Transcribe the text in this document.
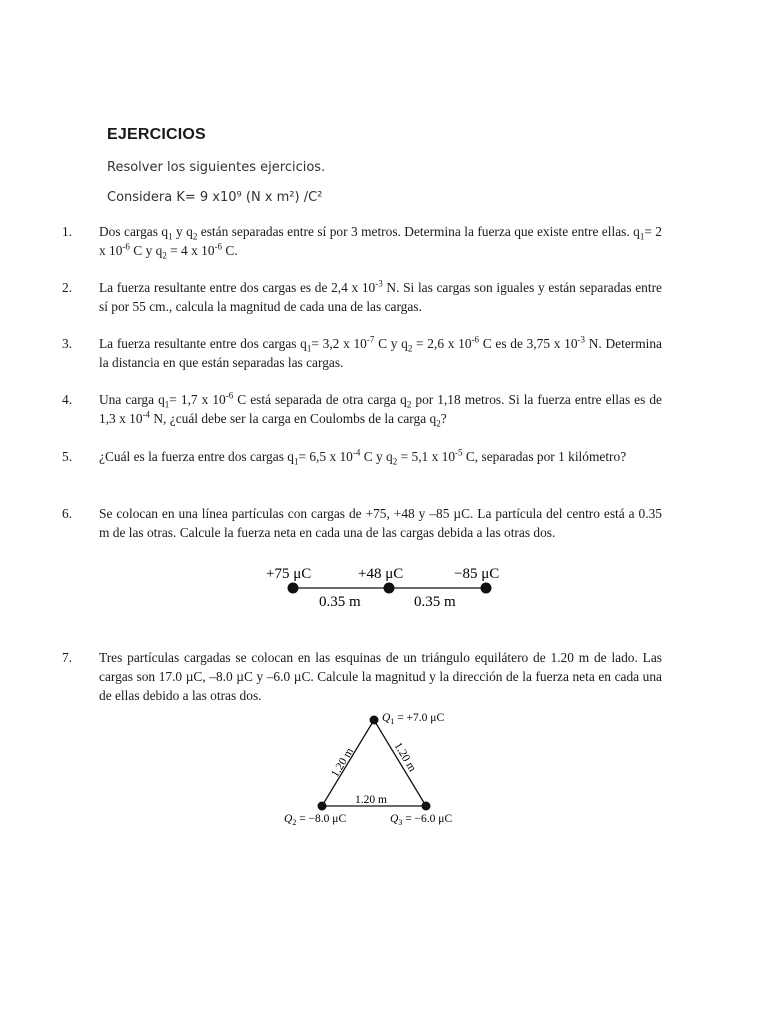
EJERCICIOS
Resolver los siguientes ejercicios.
Considera K= 9 x10⁹ (N x m²) /C²
1.	Dos cargas $q_1$ y $q_2$ están separadas entre sí por 3 metros. Determina la fuerza que existe entre ellas. $q_1= 2$ x $10^{-6}$ C y $q_2 = 4$ x $10^{-6}$ C.

2.	La fuerza resultante entre dos cargas es de 2,4 x $10^{-3}$ N. Si las cargas son iguales y están separadas entre sí por 55 cm., calcula la magnitud de cada una de las cargas.

3.	La fuerza resultante entre dos cargas $q_1= 3,2$ x $10^{-7}$ C y $q_2 = 2,6$ x $10^{-6}$ C es de 3,75 x $10^{-3}$ N. Determina la distancia en que están separadas las cargas.

4.	Una carga $q_1= 1,7$ x $10^{-6}$ C está separada de otra carga $q_2$ por 1,18 metros. Si la fuerza entre ellas es de 1,3 x $10^{-4}$ N, ¿cuál debe ser la carga en Coulombs de la carga $q_2$?

5.	¿Cuál es la fuerza entre dos cargas $q_1= 6,5$ x $10^{-4}$ C y $q_2 = 5,1$ x $10^{-5}$ C, separadas por 1 kilómetro?

6.	Se colocan en una línea partículas con cargas de +75, +48 y –85 µC. La partícula del centro está a 0.35 m de las otras. Calcule la fuerza neta en cada una de las cargas debida a las otras dos.

+75 μC	+48 μC	−85 μC
0.35 m	0.35 m
7.	Tres partículas cargadas se colocan en las esquinas de un triángulo equilátero de 1.20 m de lado. Las cargas son 17.0 µC, –8.0 µC y –6.0 µC. Calcule la magnitud y la dirección de la fuerza neta en cada una de ellas debido a las otras dos.

$Q_1 = +7.0$ μC
$Q_2 = -8.0$ μC	$Q_3 = -6.0$ μC
1.20 m	1.20 m
1.20 m
